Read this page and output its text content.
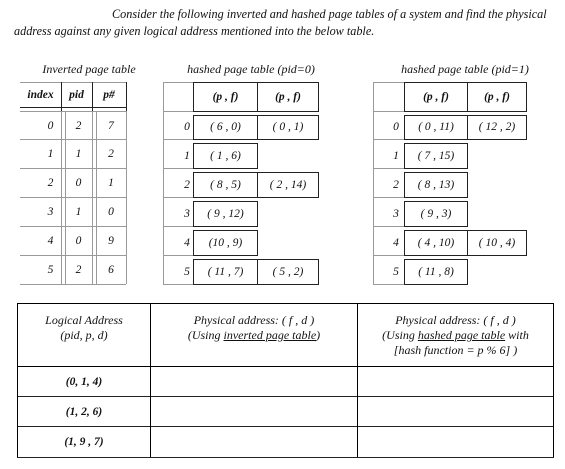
Consider the following inverted and hashed page tables of a system and find the physical address against any given logical address mentioned into the below table.
Inverted page table
index	pid	p#
0	2	7
1	1	2
2	0	1
3	1	0
4	0	9
5	2	6
hashed page table (pid=0)
(p , f)	(p , f)
0	( 6 , 0)	( 0 , 1)
1	( 1 , 6)
2	( 8 , 5)	( 2 , 14)
3	( 9 , 12)
4	(10 , 9)
5	( 11 , 7)	( 5 , 2)
hashed page table (pid=1)
(p , f)	(p , f)
0	( 0 , 11)	( 12 , 2)
1	( 7 , 15)
2	( 8 , 13)
3	( 9 , 3)
4	( 4 , 10)	( 10 , 4)
5	( 11 , 8)
Logical Address
(pid, p, d)
Physical address: ( f , d )
(Using inverted page table)
Physical address: ( f , d )
(Using hashed page table with
[hash function = p % 6] )
(0, 1, 4)
(1, 2, 6)
(1, 9 , 7)
